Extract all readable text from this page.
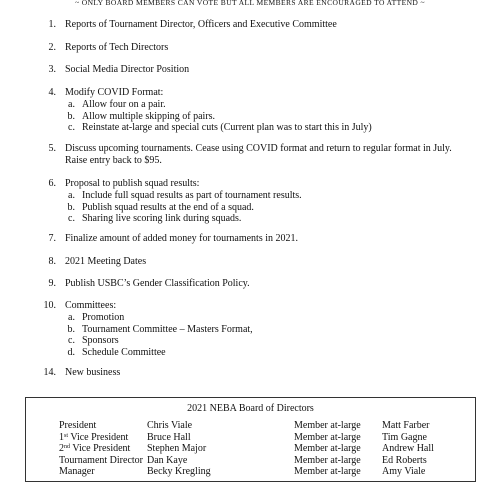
~ ONLY BOARD MEMBERS CAN VOTE BUT ALL MEMBERS ARE ENCOURAGED TO ATTEND ~
1. Reports of Tournament Director, Officers and Executive Committee
2. Reports of Tech Directors
3. Social Media Director Position
4. Modify COVID Format:
a. Allow four on a pair.
b. Allow multiple skipping of pairs.
c. Reinstate at-large and special cuts (Current plan was to start this in July)
5. Discuss upcoming tournaments. Cease using COVID format and return to regular format in July.
Raise entry back to $95.
6. Proposal to publish squad results:
a. Include full squad results as part of tournament results.
b. Publish squad results at the end of a squad.
c. Sharing live scoring link during squads.
7. Finalize amount of added money for tournaments in 2021.
8. 2021 Meeting Dates
9. Publish USBC’s Gender Classification Policy.
10. Committees:
a. Promotion
b. Tournament Committee – Masters Format,
c. Sponsors
d. Schedule Committee
14. New business
2021 NEBA Board of Directors
President	Chris Viale
1st Vice President Bruce Hall
2nd Vice President Stephen Major
Tournament Director Dan Kaye
Manager	Becky Kregling
Member at-large Matt Farber
Member at-large Tim Gagne
Member at-large Andrew Hall
Member at-large Ed Roberts
Member at-large Amy Viale
